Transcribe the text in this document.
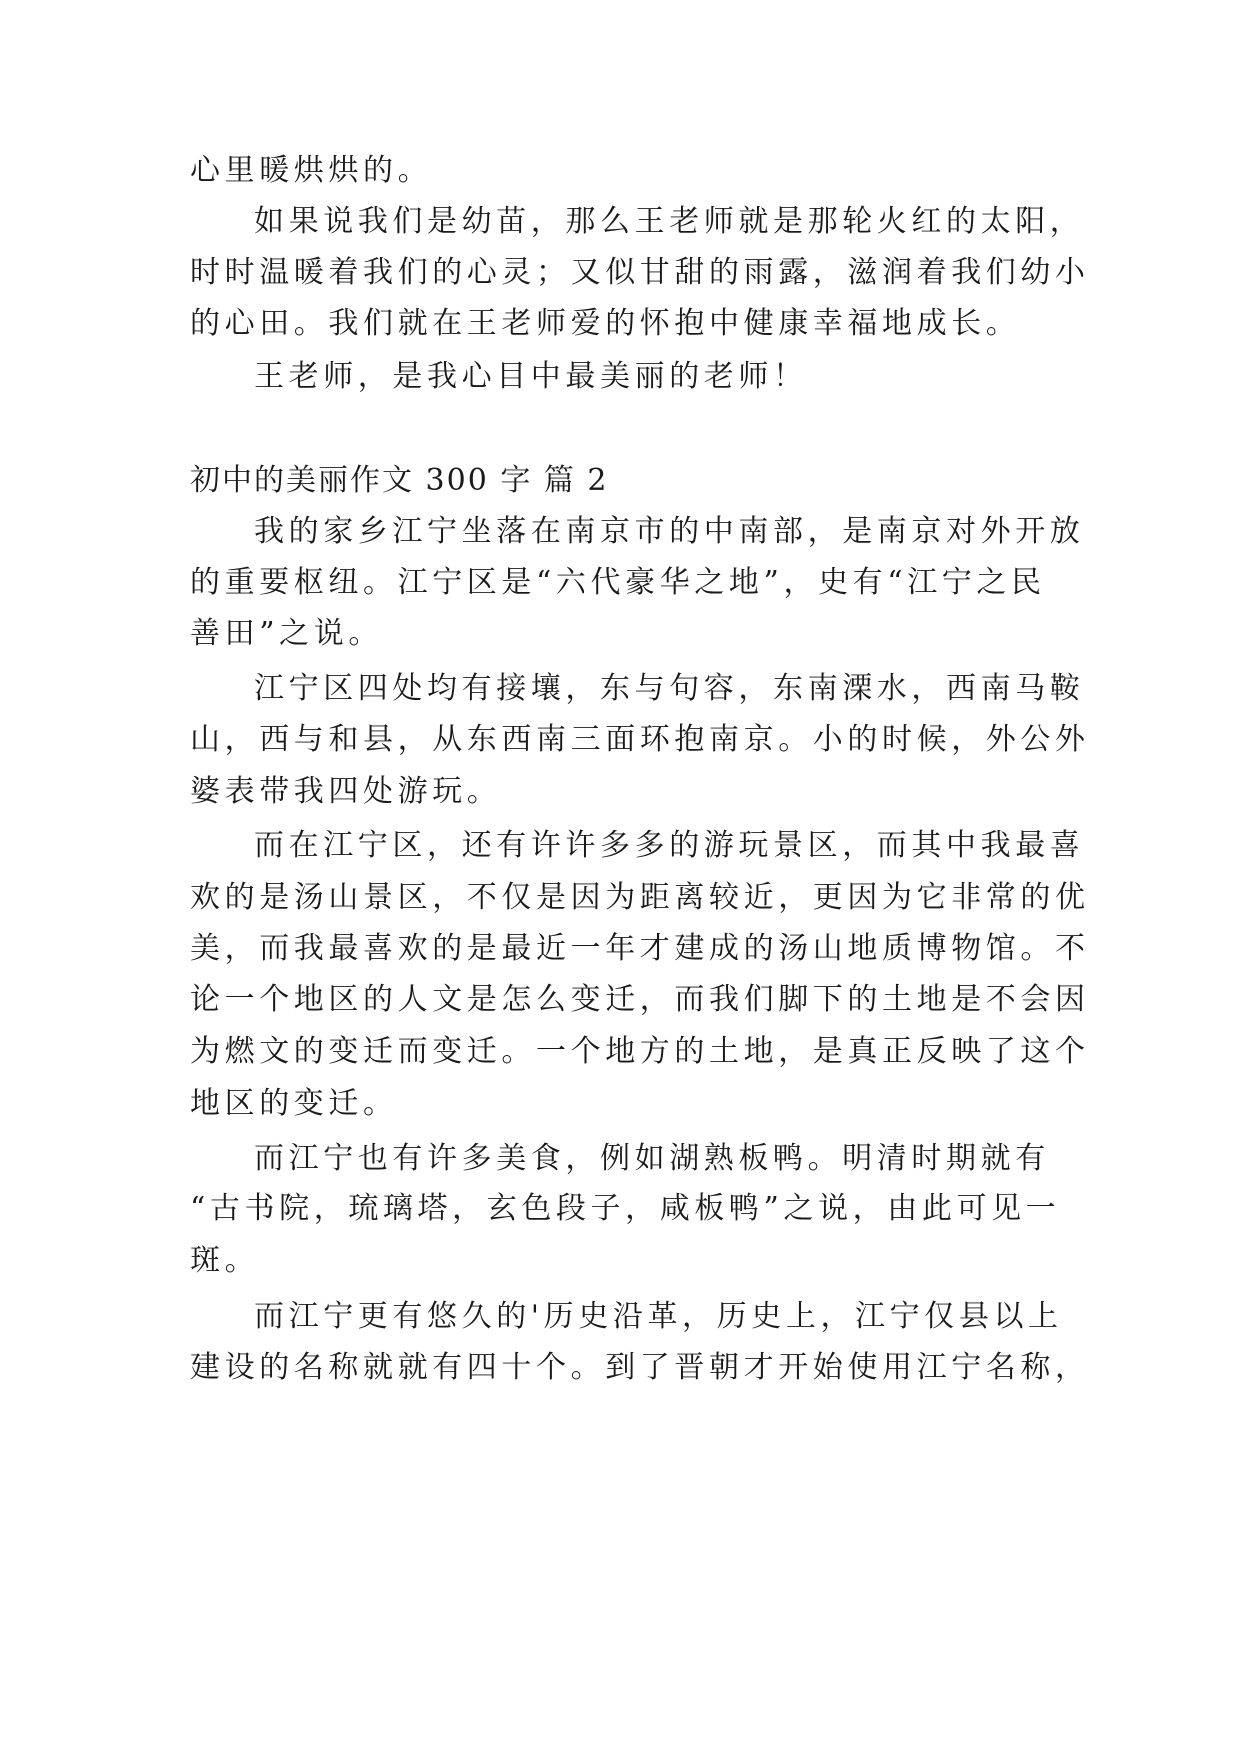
心里暖烘烘的。
如果说我们是幼苗，那么王老师就是那轮火红的太阳，
时时温暖着我们的心灵；又似甘甜的雨露，滋润着我们幼小
的心田。我们就在王老师爱的怀抱中健康幸福地成长。
王老师，是我心目中最美丽的老师！
初中的美丽作文 300 字 篇 2
我的家乡江宁坐落在南京市的中南部，是南京对外开放
的重要枢纽。江宁区是“六代豪华之地”，史有“江宁之民
善田”之说。
江宁区四处均有接壤，东与句容，东南溧水，西南马鞍
山，西与和县，从东西南三面环抱南京。小的时候，外公外
婆表带我四处游玩。
而在江宁区，还有许许多多的游玩景区，而其中我最喜
欢的是汤山景区，不仅是因为距离较近，更因为它非常的优
美，而我最喜欢的是最近一年才建成的汤山地质博物馆。不
论一个地区的人文是怎么变迁，而我们脚下的土地是不会因
为燃文的变迁而变迁。一个地方的土地，是真正反映了这个
地区的变迁。
而江宁也有许多美食，例如湖熟板鸭。明清时期就有
“古书院，琉璃塔，玄色段子，咸板鸭”之说，由此可见一
斑。
而江宁更有悠久的'历史沿革，历史上，江宁仅县以上
建设的名称就就有四十个。到了晋朝才开始使用江宁名称，
